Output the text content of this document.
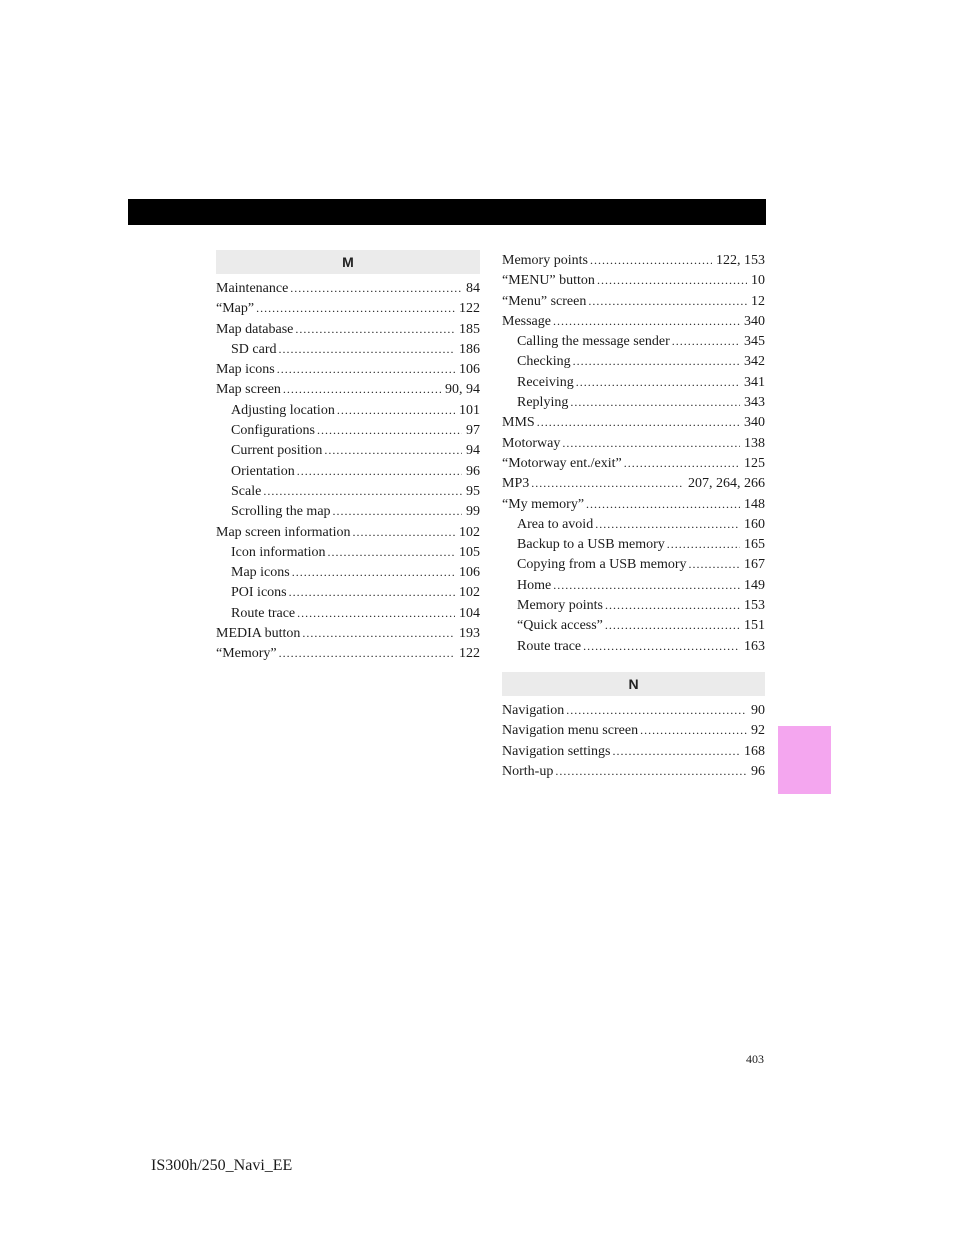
M
Maintenance .....	84
“Map” .....	122
Map database .....	185
SD card .....	186
Map icons .....	106
Map screen .....	90, 94
Adjusting location .....	101
Configurations .....	97
Current position .....	94
Orientation .....	96
Scale .....	95
Scrolling the map .....	99
Map screen information .....	102
Icon information .....	105
Map icons .....	106
POI icons .....	102
Route trace .....	104
MEDIA button .....	193
“Memory” .....	122
Memory points .....	122, 153
“MENU” button .....	10
“Menu” screen .....	12
Message .....	340
Calling the message sender .....	345
Checking .....	342
Receiving .....	341
Replying .....	343
MMS .....	340
Motorway .....	138
“Motorway ent./exit” .....	125
MP3 .....	207, 264, 266
“My memory” .....	148
Area to avoid .....	160
Backup to a USB memory .....	165
Copying from a USB memory .....	167
Home .....	149
Memory points .....	153
“Quick access” .....	151
Route trace .....	163
N
Navigation .....	90
Navigation menu screen .....	92
Navigation settings .....	168
North-up .....	96
403
IS300h/250_Navi_EE
